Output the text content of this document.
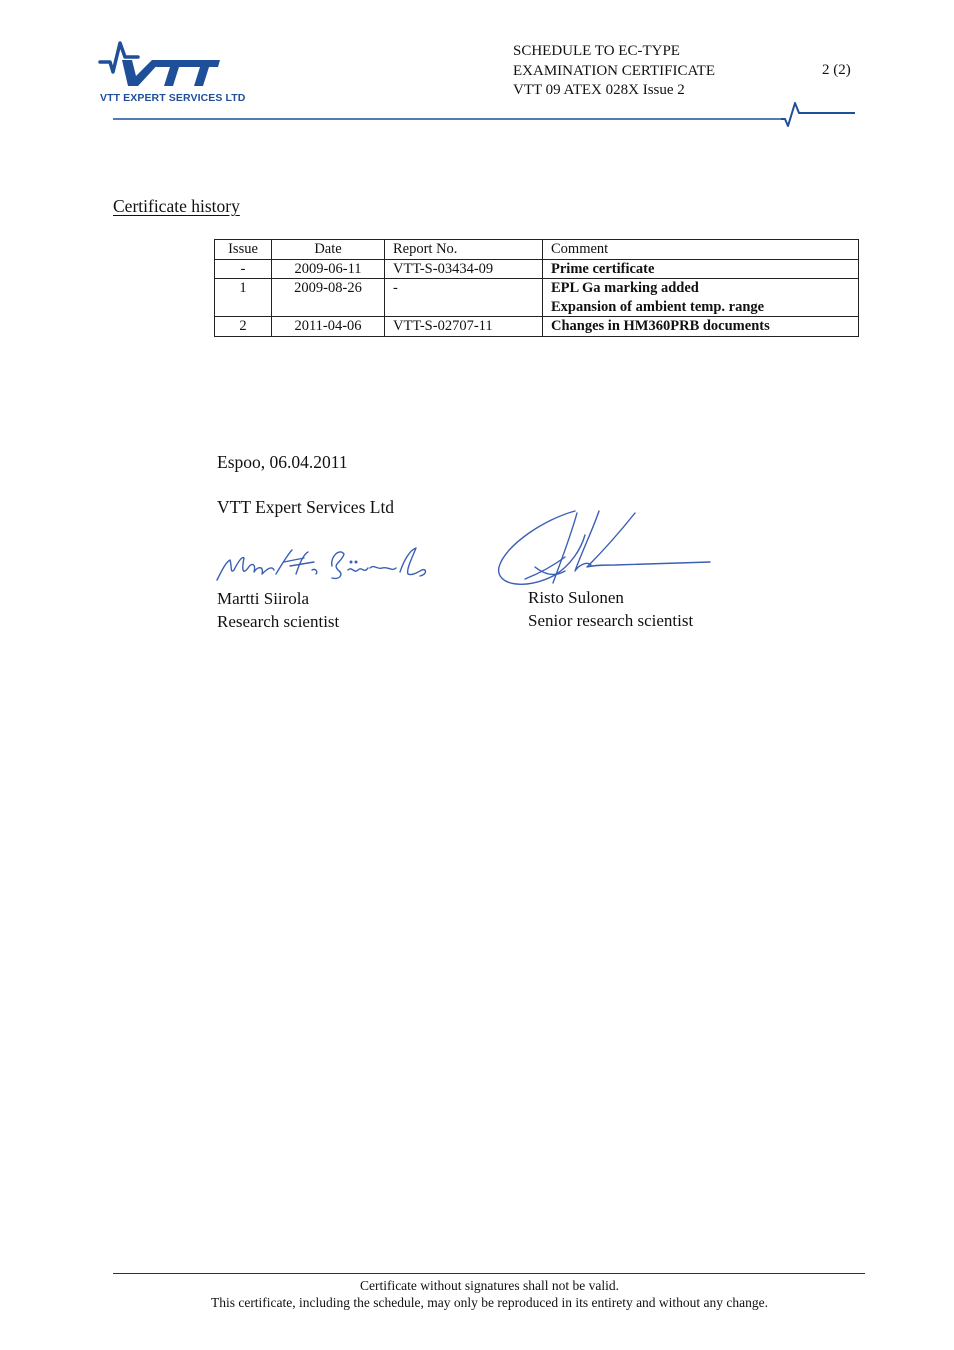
VTT EXPERT SERVICES LTD
SCHEDULE TO EC-TYPE
EXAMINATION CERTIFICATE
VTT 09 ATEX 028X Issue 2
2 (2)
Certificate history
Issue	Date	Report No.	Comment
-	2009-06-11	VTT-S-03434-09	Prime certificate
1	2009-08-26	-	EPL Ga marking added
Expansion of ambient temp. range

2	2011-04-06	VTT-S-02707-11	Changes in HM360PRB documents
Espoo, 06.04.2011
VTT Expert Services Ltd
Martti Siirola
Research scientist
Risto Sulonen
Senior research scientist
Certificate without signatures shall not be valid.
This certificate, including the schedule, may only be reproduced in its entirety and without any change.
